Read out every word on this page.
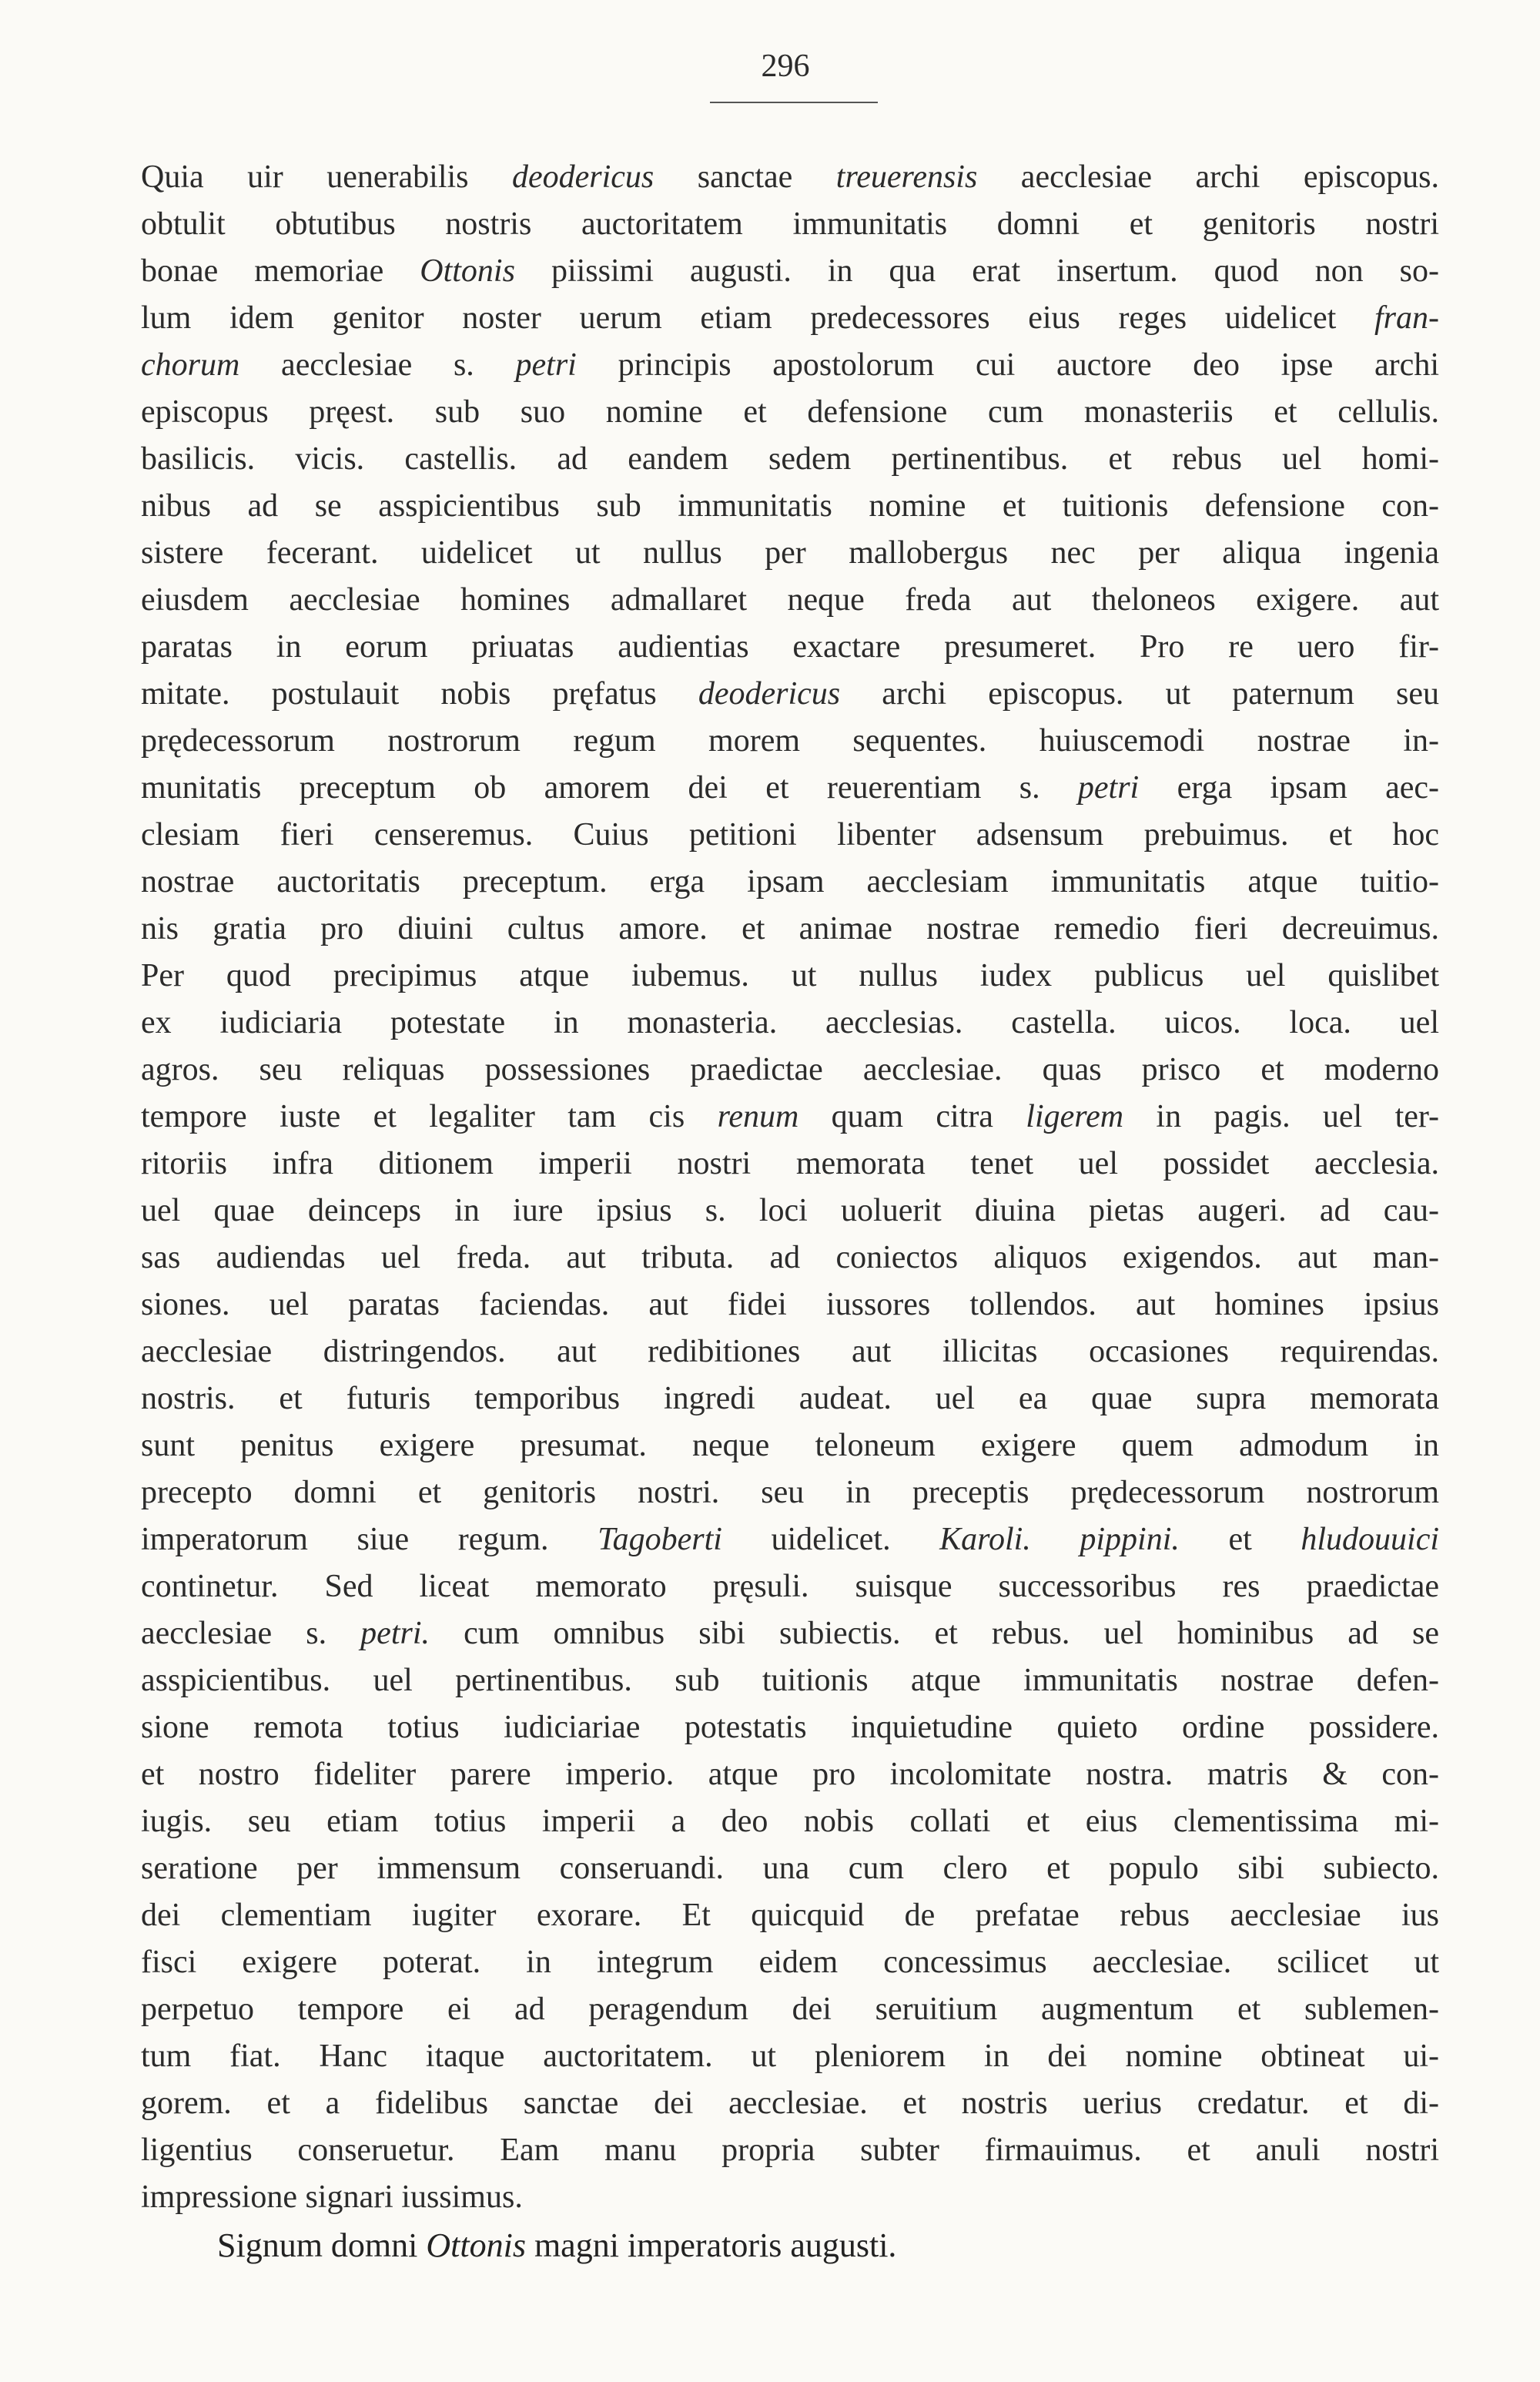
296
Quia uir uenerabilis deodericus sanctae treuerensis aecclesiae archi episcopus.
obtulit obtutibus nostris auctoritatem immunitatis domni et genitoris nostri
bonae memoriae Ottonis piissimi augusti. in qua erat insertum. quod non so-
lum idem genitor noster uerum etiam predecessores eius reges uidelicet fran-
chorum aecclesiae s. petri principis apostolorum cui auctore deo ipse archi
episcopus pręest. sub suo nomine et defensione cum monasteriis et cellulis.
basilicis. vicis. castellis. ad eandem sedem pertinentibus. et rebus uel homi-
nibus ad se asspicientibus sub immunitatis nomine et tuitionis defensione con-
sistere fecerant. uidelicet ut nullus per mallobergus nec per aliqua ingenia
eiusdem aecclesiae homines admallaret neque freda aut theloneos exigere. aut
paratas in eorum priuatas audientias exactare presumeret. Pro re uero fir-
mitate. postulauit nobis pręfatus deodericus archi episcopus. ut paternum seu
prędecessorum nostrorum regum morem sequentes. huiuscemodi nostrae in-
munitatis preceptum ob amorem dei et reuerentiam s. petri erga ipsam aec-
clesiam fieri censeremus. Cuius petitioni libenter adsensum prebuimus. et hoc
nostrae auctoritatis preceptum. erga ipsam aecclesiam immunitatis atque tuitio-
nis gratia pro diuini cultus amore. et animae nostrae remedio fieri decreuimus.
Per quod precipimus atque iubemus. ut nullus iudex publicus uel quislibet
ex iudiciaria potestate in monasteria. aecclesias. castella. uicos. loca. uel
agros. seu reliquas possessiones praedictae aecclesiae. quas prisco et moderno
tempore iuste et legaliter tam cis renum quam citra ligerem in pagis. uel ter-
ritoriis infra ditionem imperii nostri memorata tenet uel possidet aecclesia.
uel quae deinceps in iure ipsius s. loci uoluerit diuina pietas augeri. ad cau-
sas audiendas uel freda. aut tributa. ad coniectos aliquos exigendos. aut man-
siones. uel paratas faciendas. aut fidei iussores tollendos. aut homines ipsius
aecclesiae distringendos. aut redibitiones aut illicitas occasiones requirendas.
nostris. et futuris temporibus ingredi audeat. uel ea quae supra memorata
sunt penitus exigere presumat. neque teloneum exigere quem admodum in
precepto domni et genitoris nostri. seu in preceptis prędecessorum nostrorum
imperatorum siue regum. Tagoberti uidelicet. Karoli. pippini. et hludouuici
continetur. Sed liceat memorato pręsuli. suisque successoribus res praedictae
aecclesiae s. petri. cum omnibus sibi subiectis. et rebus. uel hominibus ad se
asspicientibus. uel pertinentibus. sub tuitionis atque immunitatis nostrae defen-
sione remota totius iudiciariae potestatis inquietudine quieto ordine possidere.
et nostro fideliter parere imperio. atque pro incolomitate nostra. matris & con-
iugis. seu etiam totius imperii a deo nobis collati et eius clementissima mi-
seratione per immensum conseruandi. una cum clero et populo sibi subiecto.
dei clementiam iugiter exorare. Et quicquid de prefatae rebus aecclesiae ius
fisci exigere poterat. in integrum eidem concessimus aecclesiae. scilicet ut
perpetuo tempore ei ad peragendum dei seruitium augmentum et sublemen-
tum fiat. Hanc itaque auctoritatem. ut pleniorem in dei nomine obtineat ui-
gorem. et a fidelibus sanctae dei aecclesiae. et nostris uerius credatur. et di-
ligentius conseruetur. Eam manu propria subter firmauimus. et anuli nostri
impressione signari iussimus.
Signum domni Ottonis magni imperatoris augusti.
